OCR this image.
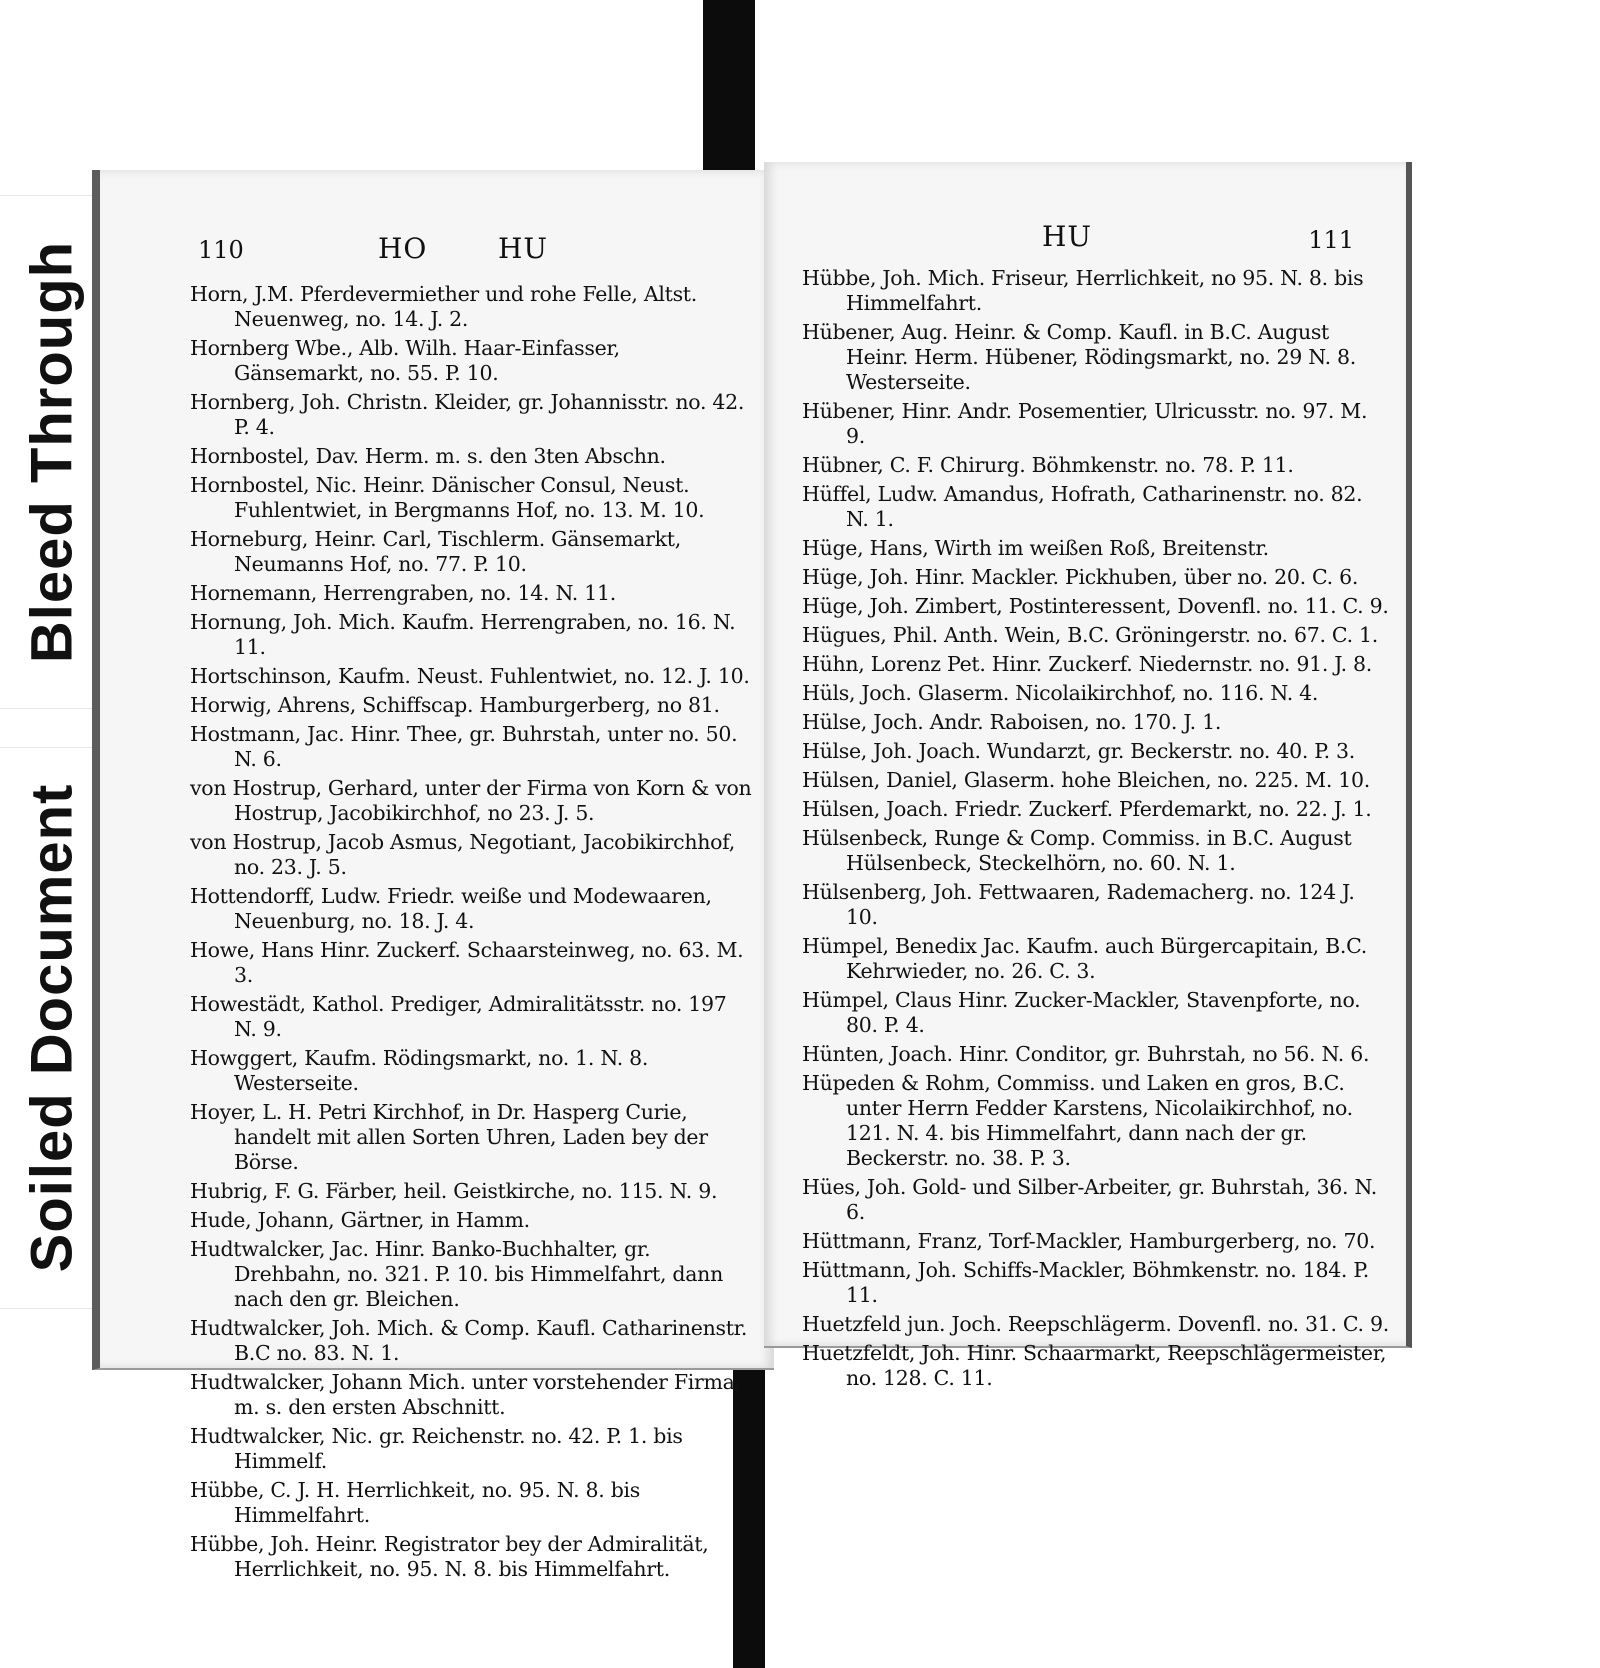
Bleed Through
Soiled Document
110	HO	HU
Horn, J.M. Pferdevermiether und rohe Felle, Altst. Neuenweg, no. 14. J. 2.
Hornberg Wbe., Alb. Wilh. Haar-Einfasser, Gänsemarkt, no. 55. P. 10.
Hornberg, Joh. Christn. Kleider, gr. Johannisstr. no. 42. P. 4.
Hornbostel, Dav. Herm. m. s. den 3ten Abschn.
Hornbostel, Nic. Heinr. Dänischer Consul, Neust. Fuhlentwiet, in Bergmanns Hof, no. 13. M. 10.
Horneburg, Heinr. Carl, Tischlerm. Gänsemarkt, Neumanns Hof, no. 77. P. 10.
Hornemann, Herrengraben, no. 14. N. 11.
Hornung, Joh. Mich. Kaufm. Herrengraben, no. 16. N. 11.
Hortschinson, Kaufm. Neust. Fuhlentwiet, no. 12. J. 10.
Horwig, Ahrens, Schiffscap. Hamburgerberg, no 81.
Hostmann, Jac. Hinr. Thee, gr. Buhrstah, unter no. 50. N. 6.
von Hostrup, Gerhard, unter der Firma von Korn & von Hostrup, Jacobikirchhof, no 23. J. 5.
von Hostrup, Jacob Asmus, Negotiant, Jacobikirchhof, no. 23. J. 5.
Hottendorff, Ludw. Friedr. weiße und Modewaaren, Neuenburg, no. 18. J. 4.
Howe, Hans Hinr. Zuckerf. Schaarsteinweg, no. 63. M. 3.
Howestädt, Kathol. Prediger, Admiralitätsstr. no. 197 N. 9.
Howggert, Kaufm. Rödingsmarkt, no. 1. N. 8. Westerseite.
Hoyer, L. H. Petri Kirchhof, in Dr. Hasperg Curie, handelt mit allen Sorten Uhren, Laden bey der Börse.
Hubrig, F. G. Färber, heil. Geistkirche, no. 115. N. 9.
Hude, Johann, Gärtner, in Hamm.
Hudtwalcker, Jac. Hinr. Banko-Buchhalter, gr. Drehbahn, no. 321. P. 10. bis Himmelfahrt, dann nach den gr. Bleichen.
Hudtwalcker, Joh. Mich. & Comp. Kaufl. Catharinenstr. B.C no. 83. N. 1.
Hudtwalcker, Johann Mich. unter vorstehender Firma, m. s. den ersten Abschnitt.
Hudtwalcker, Nic. gr. Reichenstr. no. 42. P. 1. bis Himmelf.
Hübbe, C. J. H. Herrlichkeit, no. 95. N. 8. bis Himmelfahrt.
Hübbe, Joh. Heinr. Registrator bey der Admiralität, Herrlichkeit, no. 95. N. 8. bis Himmelfahrt.
HU	111
Hübbe, Joh. Mich. Friseur, Herrlichkeit, no 95. N. 8. bis Himmelfahrt.
Hübener, Aug. Heinr. & Comp. Kaufl. in B.C. August Heinr. Herm. Hübener, Rödingsmarkt, no. 29 N. 8. Westerseite.
Hübener, Hinr. Andr. Posementier, Ulricusstr. no. 97. M. 9.
Hübner, C. F. Chirurg. Böhmkenstr. no. 78. P. 11.
Hüffel, Ludw. Amandus, Hofrath, Catharinenstr. no. 82. N. 1.
Hüge, Hans, Wirth im weißen Roß, Breitenstr.
Hüge, Joh. Hinr. Mackler. Pickhuben, über no. 20. C. 6.
Hüge, Joh. Zimbert, Postinteressent, Dovenfl. no. 11. C. 9.
Hügues, Phil. Anth. Wein, B.C. Gröningerstr. no. 67. C. 1.
Hühn, Lorenz Pet. Hinr. Zuckerf. Niedernstr. no. 91. J. 8.
Hüls, Joch. Glaserm. Nicolaikirchhof, no. 116. N. 4.
Hülse, Joch. Andr. Raboisen, no. 170. J. 1.
Hülse, Joh. Joach. Wundarzt, gr. Beckerstr. no. 40. P. 3.
Hülsen, Daniel, Glaserm. hohe Bleichen, no. 225. M. 10.
Hülsen, Joach. Friedr. Zuckerf. Pferdemarkt, no. 22. J. 1.
Hülsenbeck, Runge & Comp. Commiss. in B.C. August Hülsenbeck, Steckelhörn, no. 60. N. 1.
Hülsenberg, Joh. Fettwaaren, Rademacherg. no. 124 J. 10.
Hümpel, Benedix Jac. Kaufm. auch Bürgercapitain, B.C. Kehrwieder, no. 26. C. 3.
Hümpel, Claus Hinr. Zucker-Mackler, Stavenpforte, no. 80. P. 4.
Hünten, Joach. Hinr. Conditor, gr. Buhrstah, no 56. N. 6.
Hüpeden & Rohm, Commiss. und Laken en gros, B.C. unter Herrn Fedder Karstens, Nicolaikirchhof, no. 121. N. 4. bis Himmelfahrt, dann nach der gr. Beckerstr. no. 38. P. 3.
Hües, Joh. Gold- und Silber-Arbeiter, gr. Buhrstah, 36. N. 6.
Hüttmann, Franz, Torf-Mackler, Hamburgerberg, no. 70.
Hüttmann, Joh. Schiffs-Mackler, Böhmkenstr. no. 184. P. 11.
Huetzfeld jun. Joch. Reepschlägerm. Dovenfl. no. 31. C. 9.
Huetzfeldt, Joh. Hinr. Schaarmarkt, Reepschlägermeister, no. 128. C. 11.
